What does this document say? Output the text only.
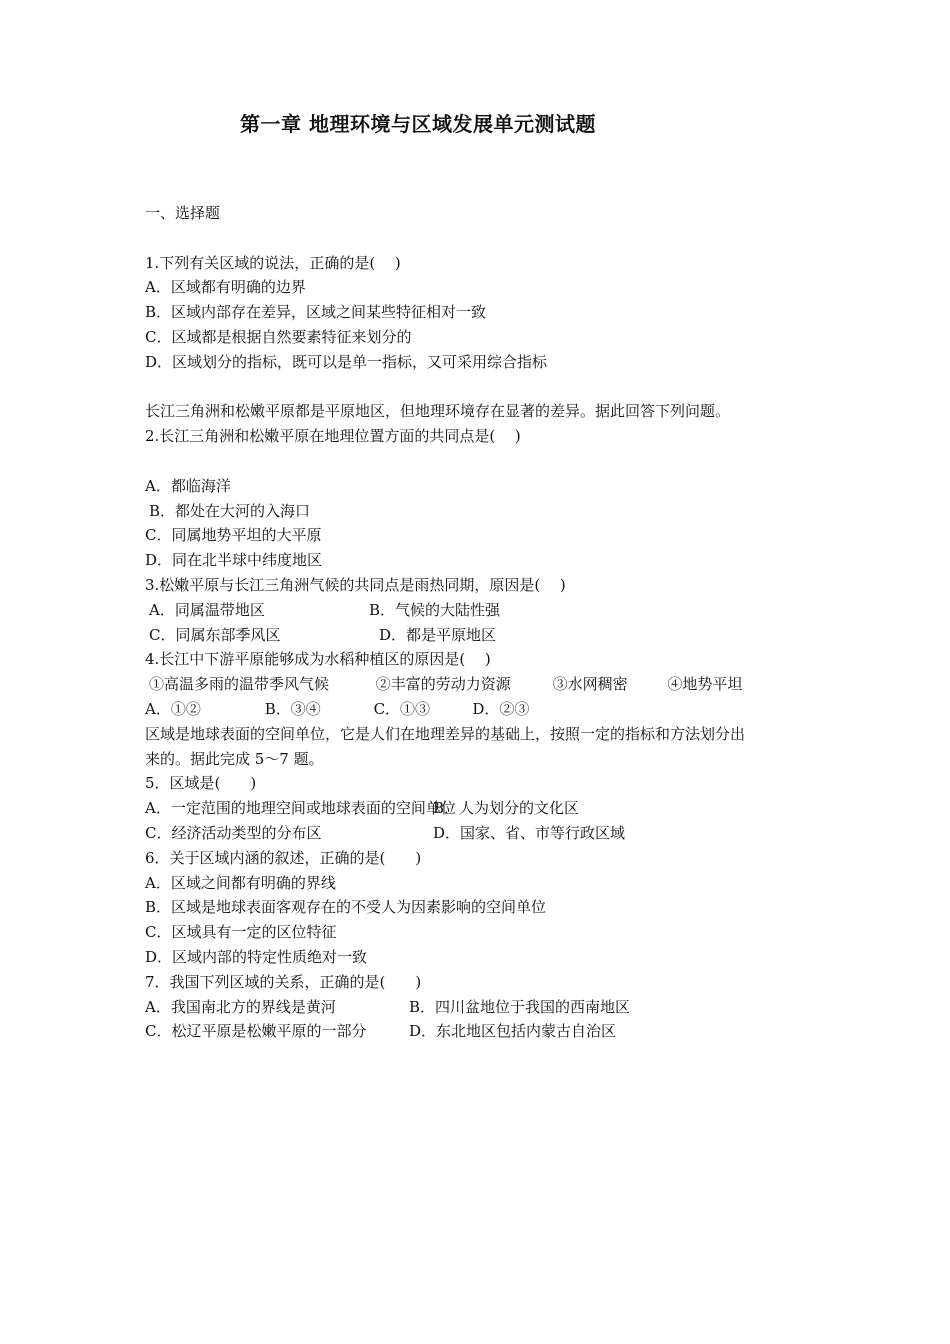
第一章 地理环境与区域发展单元测试题
一、选择题
1.下列有关区域的说法，正确的是(　 )
A．区域都有明确的边界
B．区域内部存在差异，区域之间某些特征相对一致
C．区域都是根据自然要素特征来划分的
D．区域划分的指标，既可以是单一指标，又可采用综合指标
长江三角洲和松嫩平原都是平原地区，但地理环境存在显著的差异。据此回答下列问题。
2.长江三角洲和松嫩平原在地理位置方面的共同点是(　 )
A．都临海洋
B．都处在大河的入海口
C．同属地势平坦的大平原
D．同在北半球中纬度地区
3.松嫩平原与长江三角洲气候的共同点是雨热同期，原因是(　 )
A．同属温带地区	B．气候的大陆性强
C．同属东部季风区	D．都是平原地区
4.长江中下游平原能够成为水稻种植区的原因是(　 )
①高温多雨的温带季风气候	②丰富的劳动力资源	③水网稠密	④地势平坦
A．①②	B．③④	C．①③	D．②③
区域是地球表面的空间单位，它是人们在地理差异的基础上，按照一定的指标和方法划分出
来的。据此完成 5～7 题。
5．区域是(　　)
A．一定范围的地理空间或地球表面的空间单位
B．人为划分的文化区
C．经济活动类型的分布区	D．国家、省、市等行政区域
6．关于区域内涵的叙述，正确的是(　　)
A．区域之间都有明确的界线
B．区域是地球表面客观存在的不受人为因素影响的空间单位
C．区域具有一定的区位特征
D．区域内部的特定性质绝对一致
7．我国下列区域的关系，正确的是(　　)
A．我国南北方的界线是黄河	B．四川盆地位于我国的西南地区
C．松辽平原是松嫩平原的一部分	D．东北地区包括内蒙古自治区
